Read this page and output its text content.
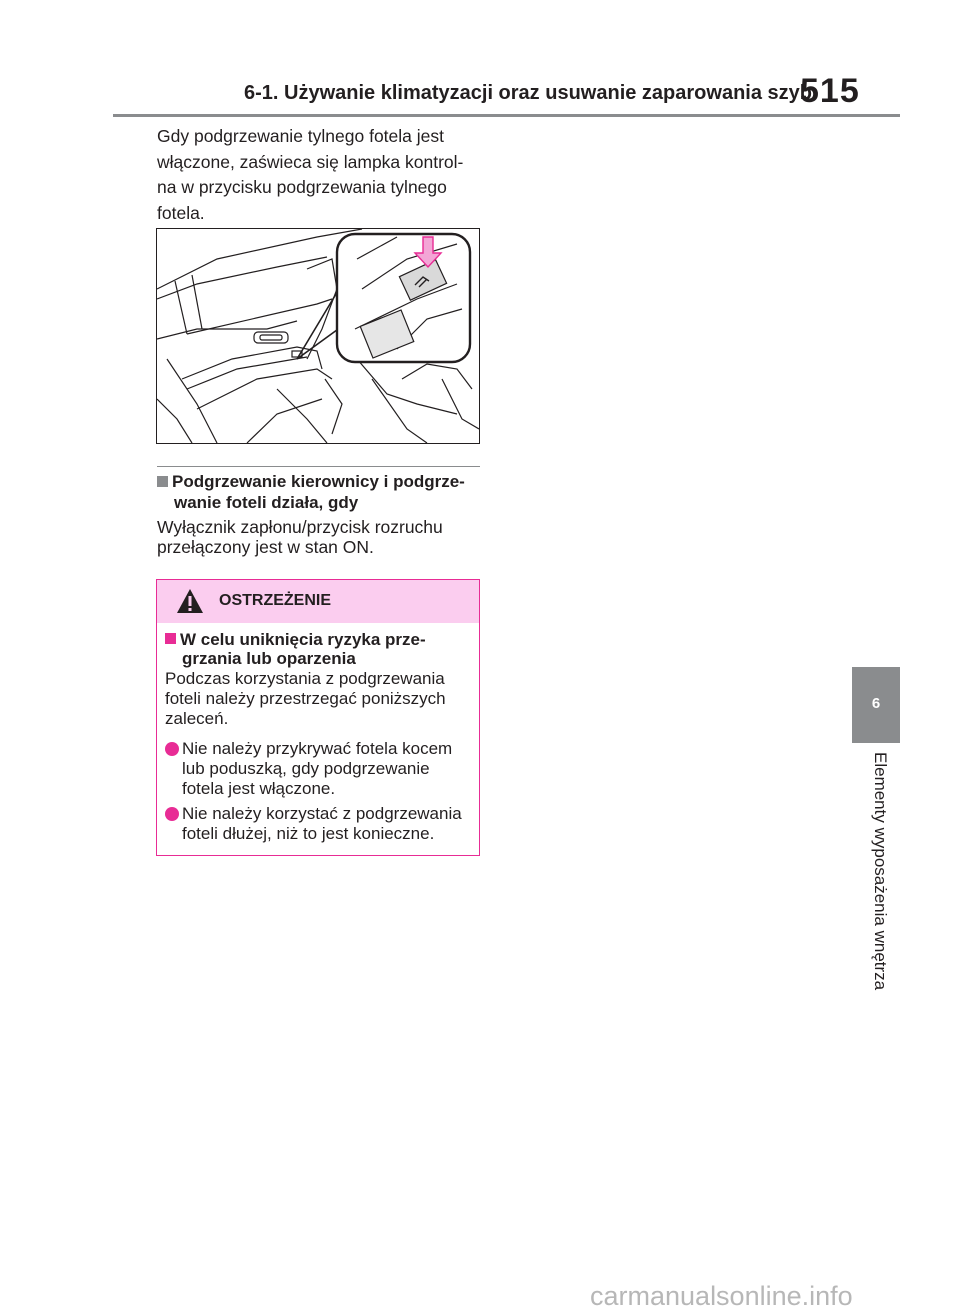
6-1. Używanie klimatyzacji oraz usuwanie zaparowania szyb
515
Gdy podgrzewanie tylnego fotela jest
włączone, zaświeca się lampka kontrol-
na w przycisku podgrzewania tylnego
fotela.
Podgrzewanie kierownicy i podgrze-
wanie foteli działa, gdy
Wyłącznik zapłonu/przycisk rozruchu
przełączony jest w stan ON.
OSTRZEŻENIE
W celu uniknięcia ryzyka prze-
grzania lub oparzenia
Podczas korzystania z podgrzewania
foteli należy przestrzegać poniższych
zaleceń.
Nie należy przykrywać fotela kocem
lub poduszką, gdy podgrzewanie
fotela jest włączone.
Nie należy korzystać z podgrzewania
foteli dłużej, niż to jest konieczne.
6
Elementy wyposażenia wnętrza
carmanualsonline.info
